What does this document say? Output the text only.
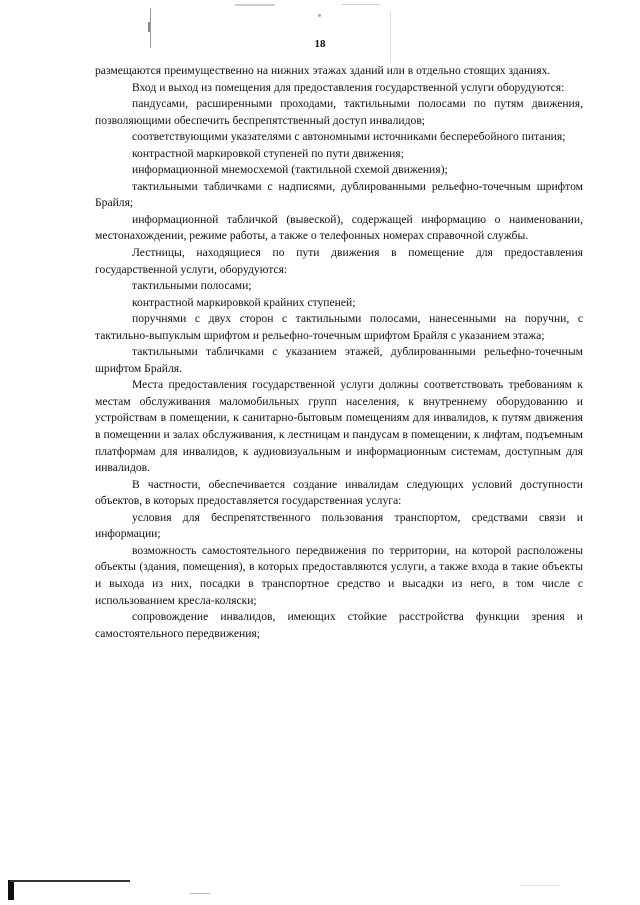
18

размещаются преимущественно на нижних этажах зданий или в отдельно стоящих зданиях.

Вход и выход из помещения для предоставления государственной услуги оборудуются:

пандусами, расширенными проходами, тактильными полосами по путям движения, позволяющими обеспечить беспрепятственный доступ инвалидов;

соответствующими указателями с автономными источниками бесперебойного питания;

контрастной маркировкой ступеней по пути движения;

информационной мнемосхемой (тактильной схемой движения);

тактильными табличками с надписями, дублированными рельефно-точечным шрифтом Брайля;

информационной табличкой (вывеской), содержащей информацию о наименовании, местонахождении, режиме работы, а также о телефонных номерах справочной службы.

Лестницы, находящиеся по пути движения в помещение для предоставления государственной услуги, оборудуются:

тактильными полосами;

контрастной маркировкой крайних ступеней;

поручнями с двух сторон с тактильными полосами, нанесенными на поручни, с тактильно-выпуклым шрифтом и рельефно-точечным шрифтом Брайля с указанием этажа;

тактильными табличками с указанием этажей, дублированными рельефно-точечным шрифтом Брайля.

Места предоставления государственной услуги должны соответствовать требованиям к местам обслуживания маломобильных групп населения, к внутреннему оборудованию и устройствам в помещении, к санитарно-бытовым помещениям для инвалидов, к путям движения в помещении и залах обслуживания, к лестницам и пандусам в помещении, к лифтам, подъемным платформам для инвалидов, к аудиовизуальным и информационным системам, доступным для инвалидов.

В частности, обеспечивается создание инвалидам следующих условий доступности объектов, в которых предоставляется государственная услуга:

условия для беспрепятственного пользования транспортом, средствами связи и информации;

возможность самостоятельного передвижения по территории, на которой расположены объекты (здания, помещения), в которых предоставляются услуги, а также входа в такие объекты и выхода из них, посадки в транспортное средство и высадки из него, в том числе с использованием кресла-коляски;

сопровождение инвалидов, имеющих стойкие расстройства функции зрения и самостоятельного передвижения;
